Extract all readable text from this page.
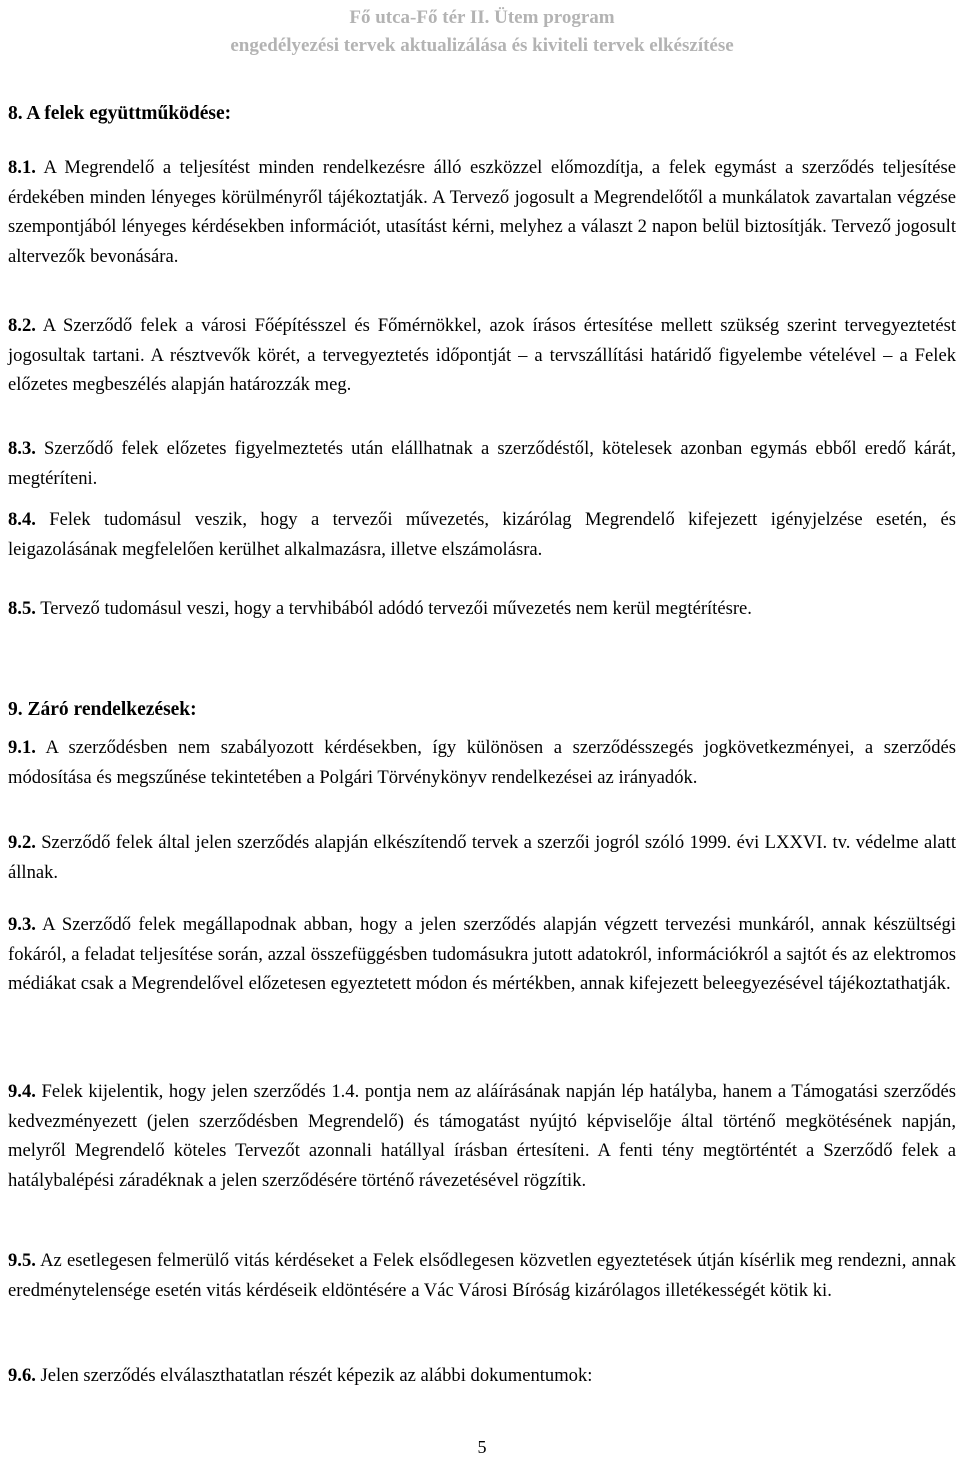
Fő utca-Fő tér II. Ütem program
engedélyezési tervek aktualizálása és kiviteli tervek elkészítése
8. A felek együttműködése:

8.1. A Megrendelő a teljesítést minden rendelkezésre álló eszközzel előmozdítja, a felek egymást a szerződés teljesítése érdekében minden lényeges körülményről tájékoztatják. A Tervező jogosult a Megrendelőtől a munkálatok zavartalan végzése szempontjából lényeges kérdésekben információt, utasítást kérni, melyhez a választ 2 napon belül biztosítják. Tervező jogosult altervezők bevonására.

8.2. A Szerződő felek a városi Főépítésszel és Főmérnökkel, azok írásos értesítése mellett szükség szerint tervegyeztetést jogosultak tartani. A résztvevők körét, a tervegyeztetés időpontját – a tervszállítási határidő figyelembe vételével – a Felek előzetes megbeszélés alapján határozzák meg.

8.3. Szerződő felek előzetes figyelmeztetés után elállhatnak a szerződéstől, kötelesek azonban egymás ebből eredő kárát, megtéríteni.

8.4. Felek tudomásul veszik, hogy a tervezői művezetés, kizárólag Megrendelő kifejezett igényjelzése esetén, és leigazolásának megfelelően kerülhet alkalmazásra, illetve elszámolásra.

8.5. Tervező tudomásul veszi, hogy a tervhibából adódó tervezői művezetés nem kerül megtérítésre.

9. Záró rendelkezések:

9.1. A szerződésben nem szabályozott kérdésekben, így különösen a szerződésszegés jogkövetkezményei, a szerződés módosítása és megszűnése tekintetében a Polgári Törvénykönyv rendelkezései az irányadók.

9.2. Szerződő felek által jelen szerződés alapján elkészítendő tervek a szerzői jogról szóló 1999. évi LXXVI. tv. védelme alatt állnak.

9.3. A Szerződő felek megállapodnak abban, hogy a jelen szerződés alapján végzett tervezési munkáról, annak készültségi fokáról, a feladat teljesítése során, azzal összefüggésben tudomásukra jutott adatokról, információkról a sajtót és az elektromos médiákat csak a Megrendelővel előzetesen egyeztetett módon és mértékben, annak kifejezett beleegyezésével tájékoztathatják.

9.4. Felek kijelentik, hogy jelen szerződés 1.4. pontja nem az aláírásának napján lép hatályba, hanem a Támogatási szerződés kedvezményezett (jelen szerződésben Megrendelő) és támogatást nyújtó képviselője által történő megkötésének napján, melyről Megrendelő köteles Tervezőt azonnali hatállyal írásban értesíteni. A fenti tény megtörténtét a Szerződő felek a hatálybalépési záradéknak a jelen szerződésére történő rávezetésével rögzítik.

9.5. Az esetlegesen felmerülő vitás kérdéseket a Felek elsődlegesen közvetlen egyeztetések útján kísérlik meg rendezni, annak eredménytelensége esetén vitás kérdéseik eldöntésére a Vác Városi Bíróság kizárólagos illetékességét kötik ki.

9.6. Jelen szerződés elválaszthatatlan részét képezik az alábbi dokumentumok:

5
